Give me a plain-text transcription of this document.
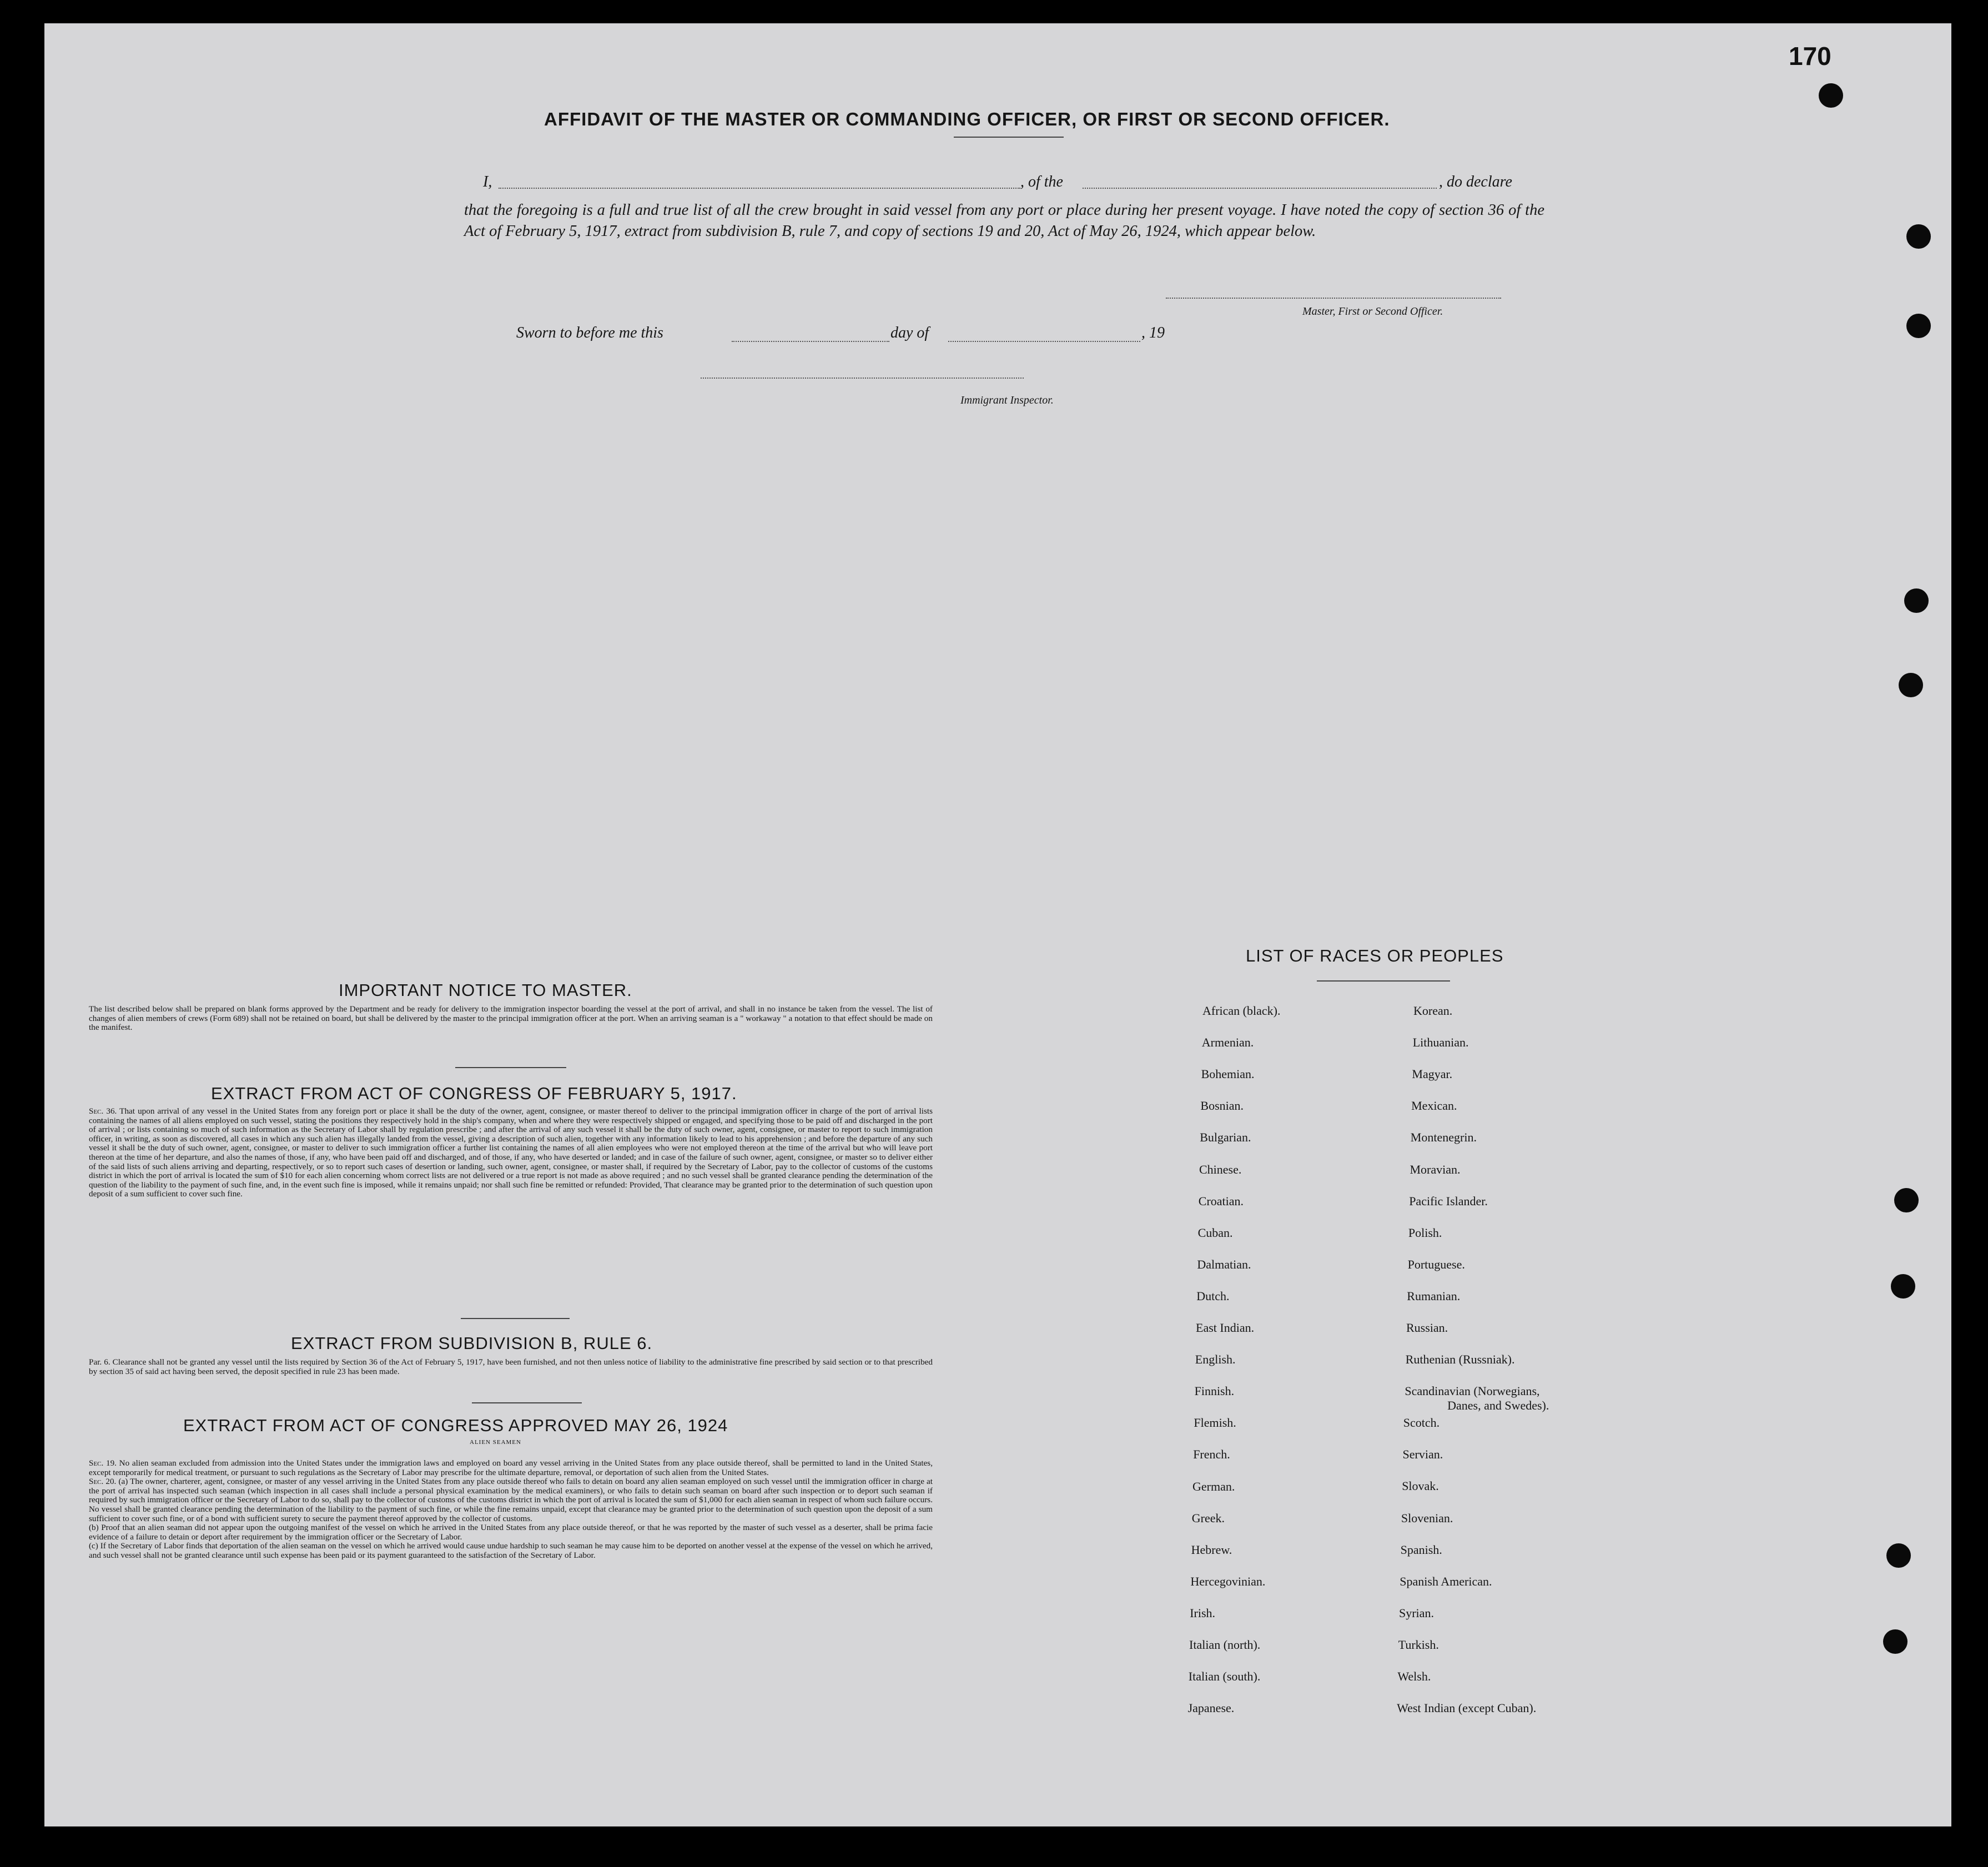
170
AFFIDAVIT OF THE MASTER OR COMMANDING OFFICER, OR FIRST OR SECOND OFFICER.
I,	, of the	, do declare
that the foregoing is a full and true list of all the crew brought in said vessel from any port or place during her present voyage. I have noted the copy of section 36 of the Act of February 5, 1917, extract from subdivision B, rule 7, and copy of sections 19 and 20, Act of May 26, 1924, which appear below.
Master, First or Second Officer.
Sworn to before me this	day of	, 19
Immigrant Inspector.
IMPORTANT NOTICE TO MASTER.
The list described below shall be prepared on blank forms approved by the Department and be ready for delivery to the immigration inspector boarding the vessel at the port of arrival, and shall in no instance be taken from the vessel. The list of changes of alien members of crews (Form 689) shall not be retained on board, but shall be delivered by the master to the principal immigration officer at the port. When an arriving seaman is a " workaway " a notation to that effect should be made on the manifest.
EXTRACT FROM ACT OF CONGRESS OF FEBRUARY 5, 1917.
Sec. 36. That upon arrival of any vessel in the United States from any foreign port or place it shall be the duty of the owner, agent, consignee, or master thereof to deliver to the principal immigration officer in charge of the port of arrival lists containing the names of all aliens employed on such vessel, stating the positions they respectively hold in the ship's company, when and where they were respectively shipped or engaged, and specifying those to be paid off and discharged in the port of arrival ; or lists containing so much of such information as the Secretary of Labor shall by regulation prescribe ; and after the arrival of any such vessel it shall be the duty of such owner, agent, consignee, or master to report to such immigration officer, in writing, as soon as discovered, all cases in which any such alien has illegally landed from the vessel, giving a description of such alien, together with any information likely to lead to his apprehension ; and before the departure of any such vessel it shall be the duty of such owner, agent, consignee, or master to deliver to such immigration officer a further list containing the names of all alien employees who were not employed thereon at the time of the arrival but who will leave port thereon at the time of her departure, and also the names of those, if any, who have been paid off and discharged, and of those, if any, who have deserted or landed; and in case of the failure of such owner, agent, consignee, or master so to deliver either of the said lists of such aliens arriving and departing, respectively, or so to report such cases of desertion or landing, such owner, agent, consignee, or master shall, if required by the Secretary of Labor, pay to the collector of customs of the customs district in which the port of arrival is located the sum of $10 for each alien concerning whom correct lists are not delivered or a true report is not made as above required ; and no such vessel shall be granted clearance pending the determination of the question of the liability to the payment of such fine, and, in the event such fine is imposed, while it remains unpaid; nor shall such fine be remitted or refunded: Provided, That clearance may be granted prior to the determination of such question upon deposit of a sum sufficient to cover such fine.
EXTRACT FROM SUBDIVISION B, RULE 6.
Par. 6. Clearance shall not be granted any vessel until the lists required by Section 36 of the Act of February 5, 1917, have been furnished, and not then unless notice of liability to the administrative fine prescribed by said section or to that prescribed by section 35 of said act having been served, the deposit specified in rule 23 has been made.
EXTRACT FROM ACT OF CONGRESS APPROVED MAY 26, 1924
ALIEN SEAMEN
Sec. 19. No alien seaman excluded from admission into the United States under the immigration laws and employed on board any vessel arriving in the United States from any place outside thereof, shall be permitted to land in the United States, except temporarily for medical treatment, or pursuant to such regulations as the Secretary of Labor may prescribe for the ultimate departure, removal, or deportation of such alien from the United States.
Sec. 20. (a) The owner, charterer, agent, consignee, or master of any vessel arriving in the United States from any place outside thereof who fails to detain on board any alien seaman employed on such vessel until the immigration officer in charge at the port of arrival has inspected such seaman (which inspection in all cases shall include a personal physical examination by the medical examiners), or who fails to detain such seaman on board after such inspection or to deport such seaman if required by such immigration officer or the Secretary of Labor to do so, shall pay to the collector of customs of the customs district in which the port of arrival is located the sum of $1,000 for each alien seaman in respect of whom such failure occurs. No vessel shall be granted clearance pending the determination of the liability to the payment of such fine, or while the fine remains unpaid, except that clearance may be granted prior to the determination of such question upon the deposit of a sum sufficient to cover such fine, or of a bond with sufficient surety to secure the payment thereof approved by the collector of customs.
(b) Proof that an alien seaman did not appear upon the outgoing manifest of the vessel on which he arrived in the United States from any place outside thereof, or that he was reported by the master of such vessel as a deserter, shall be prima facie evidence of a failure to detain or deport after requirement by the immigration officer or the Secretary of Labor.
(c) If the Secretary of Labor finds that deportation of the alien seaman on the vessel on which he arrived would cause undue hardship to such seaman he may cause him to be deported on another vessel at the expense of the vessel on which he arrived, and such vessel shall not be granted clearance until such expense has been paid or its payment guaranteed to the satisfaction of the Secretary of Labor.
LIST OF RACES OR PEOPLES
African (black).
Armenian.
Bohemian.
Bosnian.
Bulgarian.
Chinese.
Croatian.
Cuban.
Dalmatian.
Dutch.
East Indian.
English.
Finnish.
Flemish.
French.
German.
Greek.
Hebrew.
Hercegovinian.
Irish.
Italian (north).
Italian (south).
Japanese.
Korean.
Lithuanian.
Magyar.
Mexican.
Montenegrin.
Moravian.
Pacific Islander.
Polish.
Portuguese.
Rumanian.
Russian.
Ruthenian (Russniak).
Scandinavian (Norwegians,
Danes, and Swedes).
Scotch.
Servian.
Slovak.
Slovenian.
Spanish.
Spanish American.
Syrian.
Turkish.
Welsh.
West Indian (except Cuban).
